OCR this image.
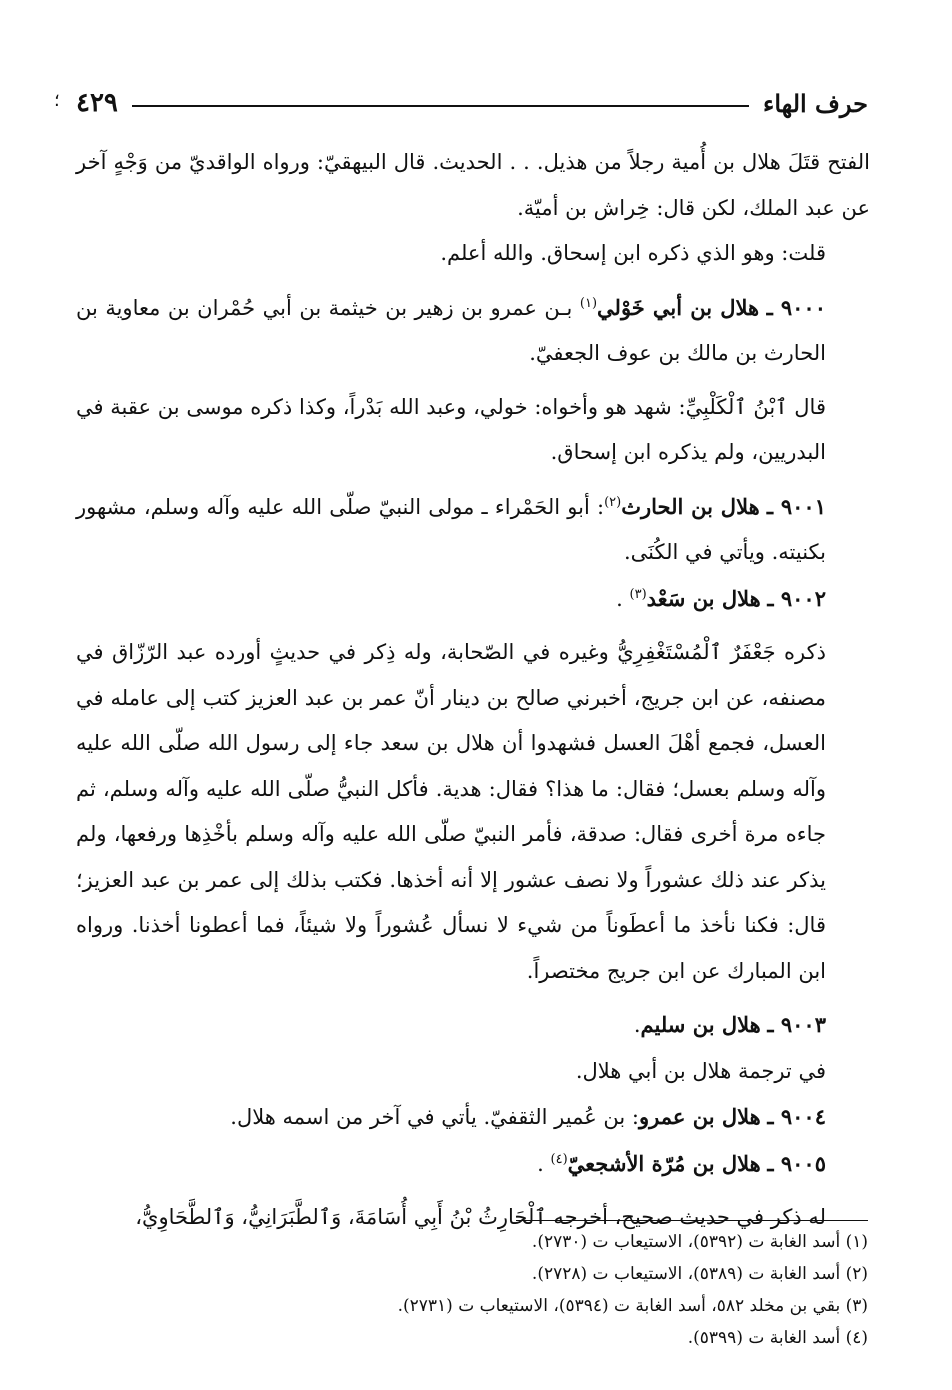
حرف الهاء
٤٢٩
؛

الفتح قتَلَ هلال بن أُمية رجلاً من هذيل. . . الحديث. قال البيهقيّ: ورواه الواقديّ من وَجْهٍ آخر عن عبد الملك، لكن قال: خِراش بن أميّة.

قلت: وهو الذي ذكره ابن إسحاق. والله أعلم.

٩٠٠٠ ـ هلال بن أبي خَوْلي$^{(١)}$ بـن عمرو بن زهير بن خيثمة بن أبي حُمْران بن معاوية بن الحارث بن مالك بن عوف الجعفيّ.

قال ٱبْنُ ٱلْكَلْبِيِّ: شهد هو وأخواه: خولي، وعبد الله بَدْراً، وكذا ذكره موسى بن عقبة في البدريين، ولم يذكره ابن إسحاق.

٩٠٠١ ـ هلال بن الحارث$^{(٢)}$: أبو الحَمْراء ـ مولى النبيّ صلّى الله عليه وآله وسلم، مشهور بكنيته. ويأتي في الكُنَى.

٩٠٠٢ ـ هلال بن سَعْد$^{(٣)}$ .

ذكره جَعْفَرٌ ٱلْمُسْتَغْفِرِيُّ وغيره في الصّحابة، وله ذِكر في حديثٍ أورده عبد الرّزّاق في مصنفه، عن ابن جريج، أخبرني صالح بن دينار أنّ عمر بن عبد العزيز كتب إلى عامله في العسل، فجمع أهْلَ العسل فشهدوا أن هلال بن سعد جاء إلى رسول الله صلّى الله عليه وآله وسلم بعسل؛ فقال: ما هذا؟ فقال: هدية. فأكل النبيُّ صلّى الله عليه وآله وسلم، ثم جاءه مرة أخرى فقال: صدقة، فأمر النبيّ صلّى الله عليه وآله وسلم بأخْذِها ورفعها، ولم يذكر عند ذلك عشوراً ولا نصف عشور إلا أنه أخذها. فكتب بذلك إلى عمر بن عبد العزيز؛ قال: فكنا نأخذ ما أعطَوناً من شيء لا نسأل عُشوراً ولا شيئاً، فما أعطونا أخذنا. ورواه ابن المبارك عن ابن جريج مختصراً.

٩٠٠٣ ـ هلال بن سليم.

في ترجمة هلال بن أبي هلال.

٩٠٠٤ ـ هلال بن عمرو: بن عُمير الثقفيّ. يأتي في آخر من اسمه هلال.

٩٠٠٥ ـ هلال بن مُرّة الأشجعيّ$^{(٤)}$ .

له ذكر في حديث صحيح، أخرجه ٱلْحَارِثُ بْنُ أَبِي أُسَامَةَ، وَٱلطَّبَرَانِيُّ، وَٱلطَّحَاوِيُّ،

(١) أسد الغابة ت (٥٣٩٢)، الاستيعاب ت (٢٧٣٠).
(٢) أسد الغابة ت (٥٣٨٩)، الاستيعاب ت (٢٧٢٨).
(٣) بقي بن مخلد ٥٨٢، أسد الغابة ت (٥٣٩٤)، الاستيعاب ت (٢٧٣١).
(٤) أسد الغابة ت (٥٣٩٩).
